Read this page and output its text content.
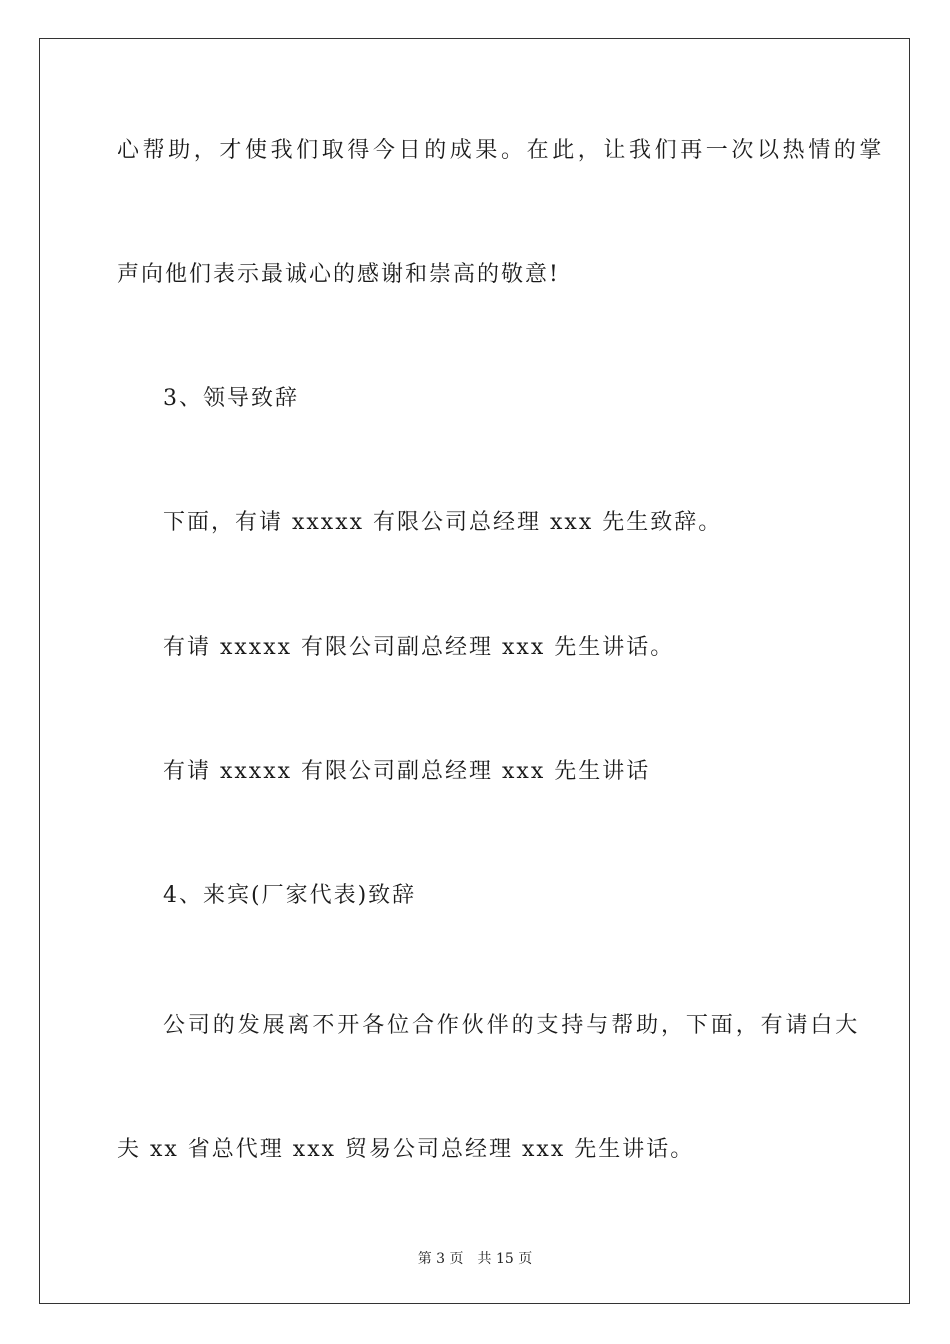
心帮助，才使我们取得今日的成果。在此，让我们再一次以热情的掌
声向他们表示最诚心的感谢和崇高的敬意!
3、领导致辞
下面，有请 xxxxx 有限公司总经理 xxx 先生致辞。
有请 xxxxx 有限公司副总经理 xxx 先生讲话。
有请 xxxxx 有限公司副总经理 xxx 先生讲话
4、来宾(厂家代表)致辞
公司的发展离不开各位合作伙伴的支持与帮助，下面，有请白大
夫 xx 省总代理 xxx 贸易公司总经理 xxx 先生讲话。
第 3 页 共 15 页
